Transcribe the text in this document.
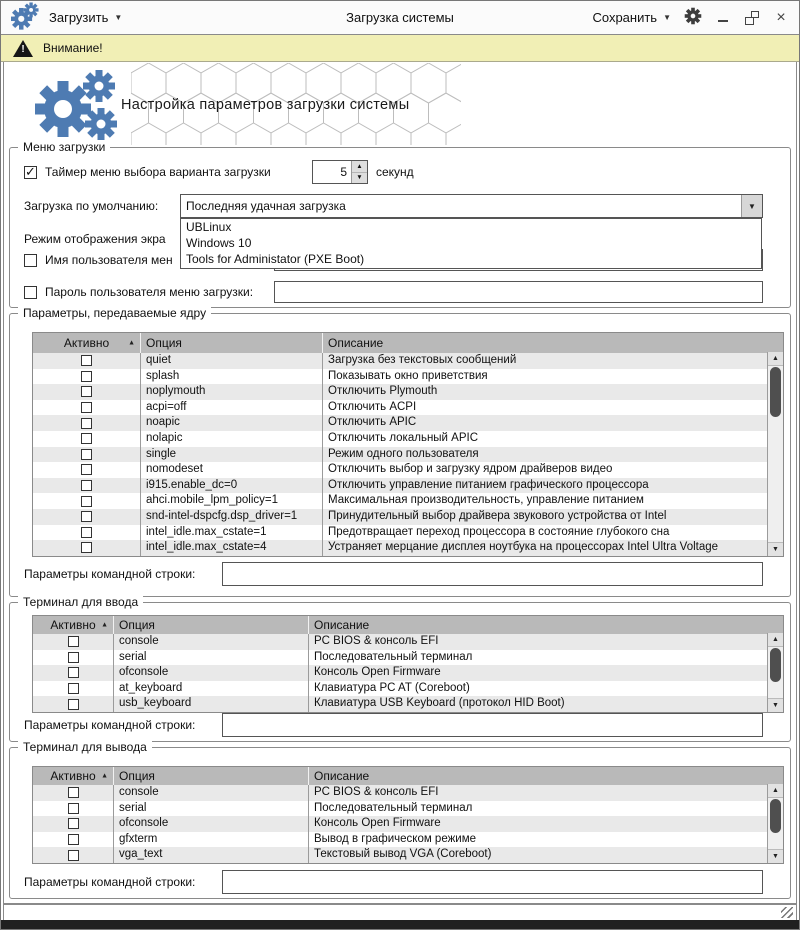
Загрузить ▼	Загрузка системы	Сохранить ▼	×
!	Внимание!
Настройка параметров загрузки системы
Меню загрузки
✓ Таймер меню выбора варианта загрузки	5	▲
▼	секунд
Загрузка по умолчанию:	Последняя удачная загрузка	▼
Режим отображения экра
Имя пользователя мен
Пароль пользователя меню загрузки:
UBLinux
Windows 10
Tools for Administator (PXE Boot)
Параметры, передаваемые ядру
Активно	▲ Опция	Описание
quiet	Загрузка без текстовых сообщений
splash	Показывать окно приветствия
noplymouth	Отключить Plymouth
acpi=off	Отключить ACPI
noapic	Отключить APIC
nolapic	Отключить локальный APIC
single	Режим одного пользователя
nomodeset	Отключить выбор и загрузку ядром драйверов видео
i915.enable_dc=0	Отключить управление питанием графического процессора
ahci.mobile_lpm_policy=1	Максимальная производительность, управление питанием
snd-intel-dspcfg.dsp_driver=1	Принудительный выбор драйвера звукового устройства от Intel
intel_idle.max_cstate=1	Предотвращает переход процессора в состояние глубокого сна
intel_idle.max_cstate=4	Устраняет мерцание дисплея ноутбука на процессорах Intel Ultra Voltage
▲
▼
Параметры командной строки:
Терминал для ввода
Активно ▲ Опция	Описание
console	PC BIOS & консоль EFI
serial	Последовательный терминал
ofconsole	Консоль Open Firmware
at_keyboard	Клавиатура PC AT (Coreboot)
usb_keyboard	Клавиатура USB Keyboard (протокол HID Boot)
▲
▼
Параметры командной строки:
Терминал для вывода
Активно ▲ Опция	Описание
console	PC BIOS & консоль EFI
serial	Последовательный терминал
ofconsole	Консоль Open Firmware
gfxterm	Вывод в графическом режиме
vga_text	Текстовый вывод VGA (Coreboot)
▲
▼
Параметры командной строки:
